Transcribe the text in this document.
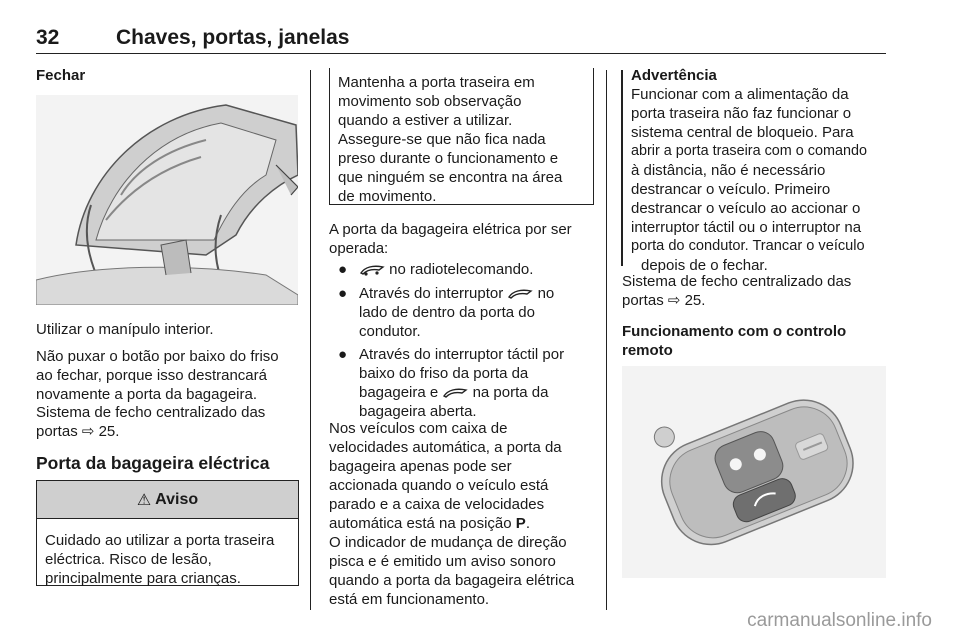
32	Chaves, portas, janelas
Fechar
Utilizar o manípulo interior.
Não puxar o botão por baixo do friso
ao fechar, porque isso destrancará
novamente a porta da bagageira.
Sistema de fecho centralizado das
portas ⇨ 25.
Porta da bagageira eléctrica
⚠ Aviso
Cuidado ao utilizar a porta traseira
eléctrica. Risco de lesão,
principalmente para crianças.
Mantenha a porta traseira em
movimento sob observação
quando a estiver a utilizar.
Assegure-se que não fica nada
preso durante o funcionamento e
que ninguém se encontra na área
de movimento.
A porta da bagageira elétrica por ser
operada:
●	no radiotelecomando.
● Através do interruptor  no
lado de dentro da porta do
condutor.
● Através do interruptor táctil por
baixo do friso da porta da
bagageira e  na porta da
bagageira aberta.
Nos veículos com caixa de
velocidades automática, a porta da
bagageira apenas pode ser
accionada quando o veículo está
parado e a caixa de velocidades
automática está na posição P.
O indicador de mudança de direção
pisca e é emitido um aviso sonoro
quando a porta da bagageira elétrica
está em funcionamento.
Advertência
Funcionar com a alimentação da
porta traseira não faz funcionar o
sistema central de bloqueio. Para
abrir a porta traseira com o comando
à distância, não é necessário
destrancar o veículo. Primeiro
destrancar o veículo ao accionar o
interruptor táctil ou o interruptor na
porta do condutor. Trancar o veículo
depois de o fechar.
Sistema de fecho centralizado das
portas ⇨ 25.
Funcionamento com o controlo
remoto
carmanualsonline.info
